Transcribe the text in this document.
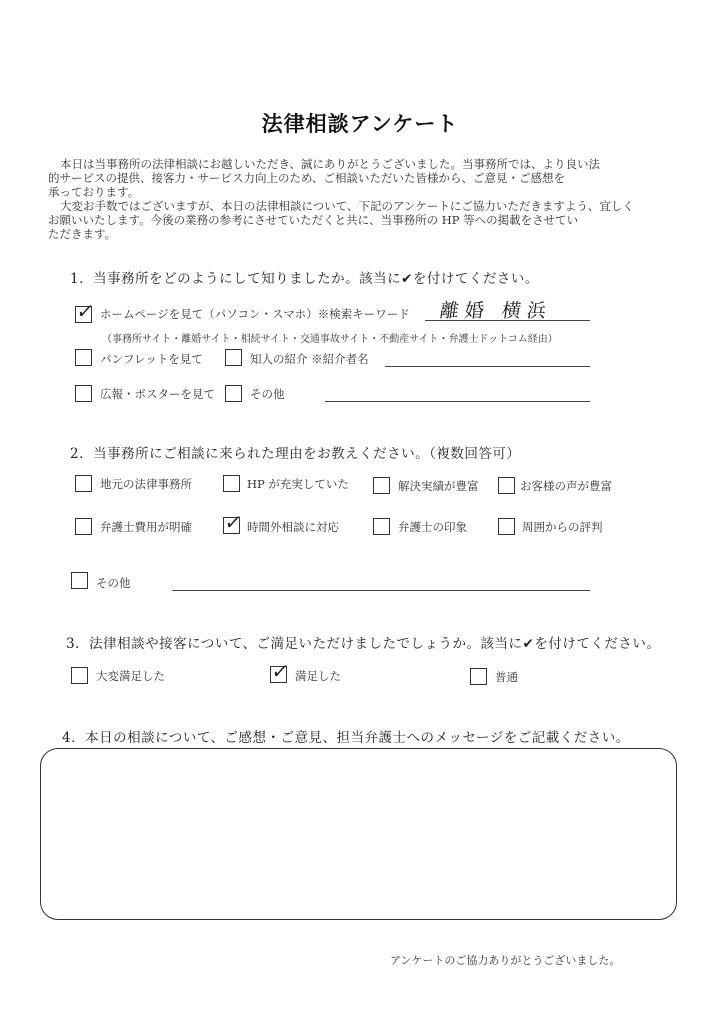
法律相談アンケート
本日は当事務所の法律相談にお越しいただき、誠にありがとうございました。当事務所では、より良い法
的サービスの提供、接客力・サービス力向上のため、ご相談いただいた皆様から、ご意見・ご感想を
承っております。
大変お手数ではございますが、本日の法律相談について、下記のアンケートにご協力いただきますよう、宜しく
お願いいたします。今後の業務の参考にさせていただくと共に、当事務所の HP 等への掲載をさせてい
ただきます。
1．当事務所をどのようにして知りましたか。該当に✔を付けてください。
✓ ホームページを見て（パソコン・スマホ）※検索キーワード 離婚 横浜
（事務所サイト・離婚サイト・相続サイト・交通事故サイト・不動産サイト・弁護士ドットコム経由）
パンフレットを見て	知人の紹介 ※紹介者名
広報・ポスターを見て	その他
2．当事務所にご相談に来られた理由をお教えください。（複数回答可）
地元の法律事務所	HP が充実していた	解決実績が豊富	お客様の声が豊富
弁護士費用が明確 ✓ 時間外相談に対応	弁護士の印象	周囲からの評判
その他
3．法律相談や接客について、ご満足いただけましたでしょうか。該当に✔を付けてください。
大変満足した	✓ 満足した	普通
4．本日の相談について、ご感想・ご意見、担当弁護士へのメッセージをご記載ください。
アンケートのご協力ありがとうございました。
